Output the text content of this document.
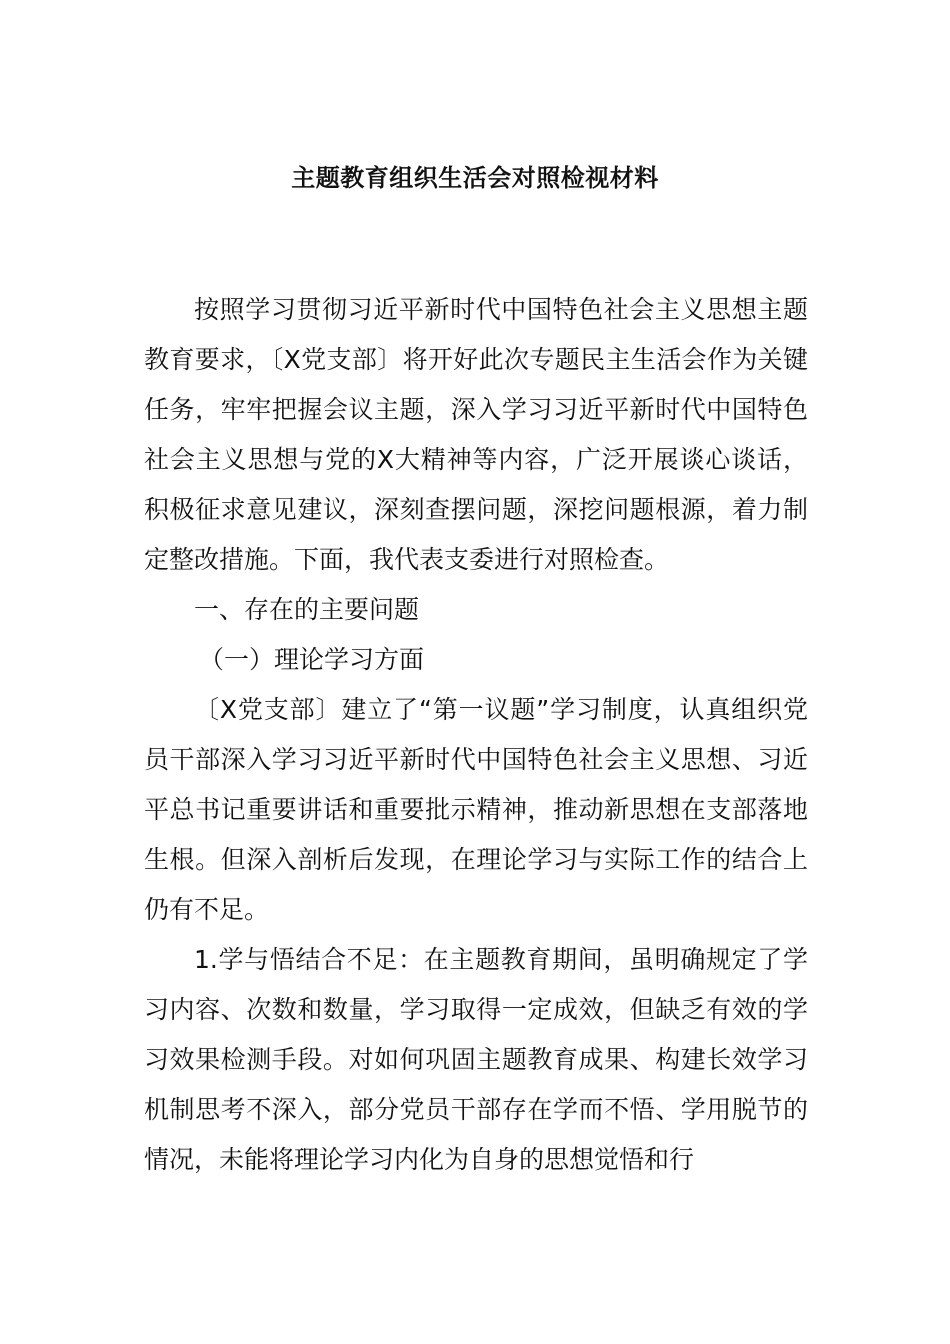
主题教育组织生活会对照检视材料

按照学习贯彻习近平新时代中国特色社会主义思想主题教育要求，〔X党支部〕将开好此次专题民主生活会作为关键任务，牢牢把握会议主题，深入学习习近平新时代中国特色社会主义思想与党的X大精神等内容，广泛开展谈心谈话，积极征求意见建议，深刻查摆问题，深挖问题根源，着力制定整改措施。下面，我代表支委进行对照检查。

一、存在的主要问题

（一）理论学习方面

〔X党支部〕建立了“第一议题”学习制度，认真组织党员干部深入学习习近平新时代中国特色社会主义思想、习近平总书记重要讲话和重要批示精神，推动新思想在支部落地生根。但深入剖析后发现，在理论学习与实际工作的结合上仍有不足。

1.学与悟结合不足：在主题教育期间，虽明确规定了学习内容、次数和数量，学习取得一定成效，但缺乏有效的学习效果检测手段。对如何巩固主题教育成果、构建长效学习机制思考不深入，部分党员干部存在学而不悟、学用脱节的情况，未能将理论学习内化为自身的思想觉悟和行
